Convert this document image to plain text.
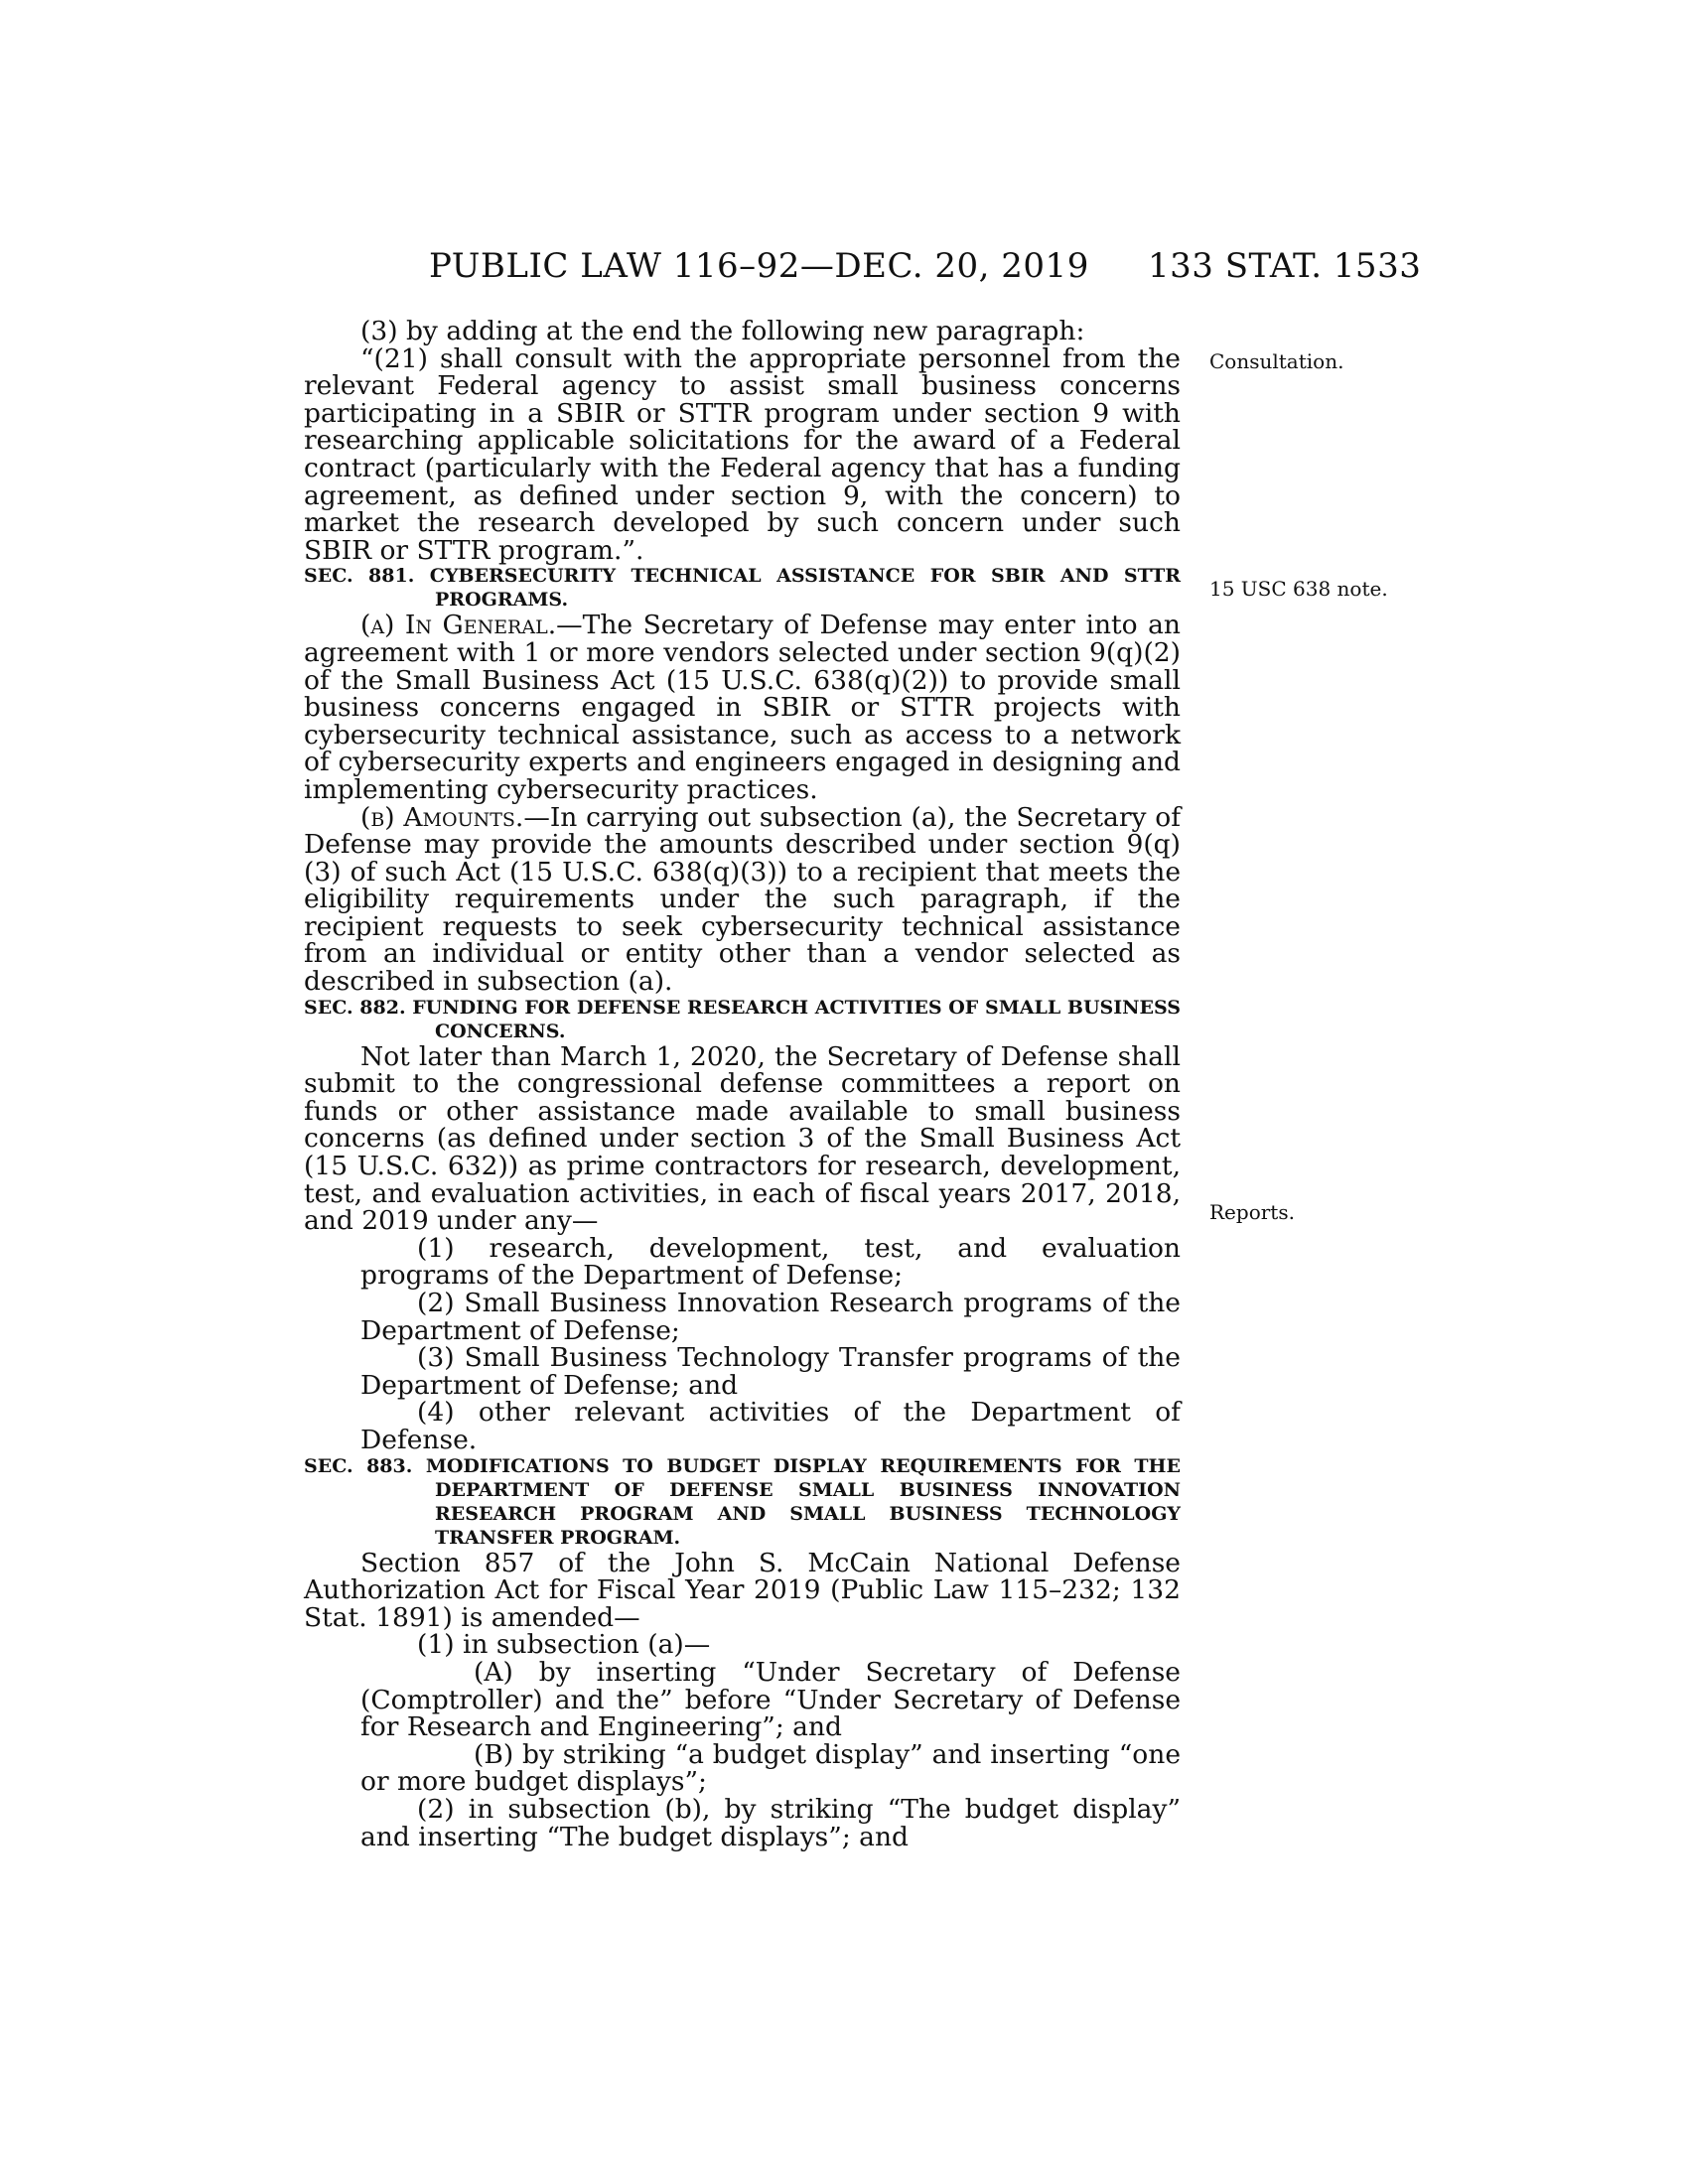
PUBLIC LAW 116–92—DEC. 20, 2019 133 STAT. 1533
Consultation.
15 USC 638 note.
Reports.

(3) by adding at the end the following new paragraph:

“(21) shall consult with the appropriate personnel from the relevant Federal agency to assist small business concerns participating in a SBIR or STTR program under section 9 with researching applicable solicitations for the award of a Federal contract (particularly with the Federal agency that has a funding agreement, as defined under section 9, with the concern) to market the research developed by such concern under such SBIR or STTR program.”.

SEC. 881. CYBERSECURITY TECHNICAL ASSISTANCE FOR SBIR AND STTR PROGRAMS.

(a) In General.—The Secretary of Defense may enter into an agreement with 1 or more vendors selected under section 9(q)(2) of the Small Business Act (15 U.S.C. 638(q)(2)) to provide small business concerns engaged in SBIR or STTR projects with cybersecurity technical assistance, such as access to a network of cybersecurity experts and engineers engaged in designing and implementing cybersecurity practices.

(b) Amounts.—In carrying out subsection (a), the Secretary of Defense may provide the amounts described under section 9(q)(3) of such Act (15 U.S.C. 638(q)(3)) to a recipient that meets the eligibility requirements under the such paragraph, if the recipient requests to seek cybersecurity technical assistance from an individual or entity other than a vendor selected as described in subsection (a).

SEC. 882. FUNDING FOR DEFENSE RESEARCH ACTIVITIES OF SMALL BUSINESS CONCERNS.

Not later than March 1, 2020, the Secretary of Defense shall submit to the congressional defense committees a report on funds or other assistance made available to small business concerns (as defined under section 3 of the Small Business Act (15 U.S.C. 632)) as prime contractors for research, development, test, and evaluation activities, in each of fiscal years 2017, 2018, and 2019 under any—

(1) research, development, test, and evaluation programs of the Department of Defense;

(2) Small Business Innovation Research programs of the Department of Defense;

(3) Small Business Technology Transfer programs of the Department of Defense; and

(4) other relevant activities of the Department of Defense.

SEC. 883. MODIFICATIONS TO BUDGET DISPLAY REQUIREMENTS FOR THE DEPARTMENT OF DEFENSE SMALL BUSINESS INNOVATION RESEARCH PROGRAM AND SMALL BUSINESS TECHNOLOGY TRANSFER PROGRAM.

Section 857 of the John S. McCain National Defense Authorization Act for Fiscal Year 2019 (Public Law 115–232; 132 Stat. 1891) is amended—

(1) in subsection (a)—

(A) by inserting “Under Secretary of Defense (Comptroller) and the” before “Under Secretary of Defense for Research and Engineering”; and

(B) by striking “a budget display” and inserting “one or more budget displays”;

(2) in subsection (b), by striking “The budget display” and inserting “The budget displays”; and
